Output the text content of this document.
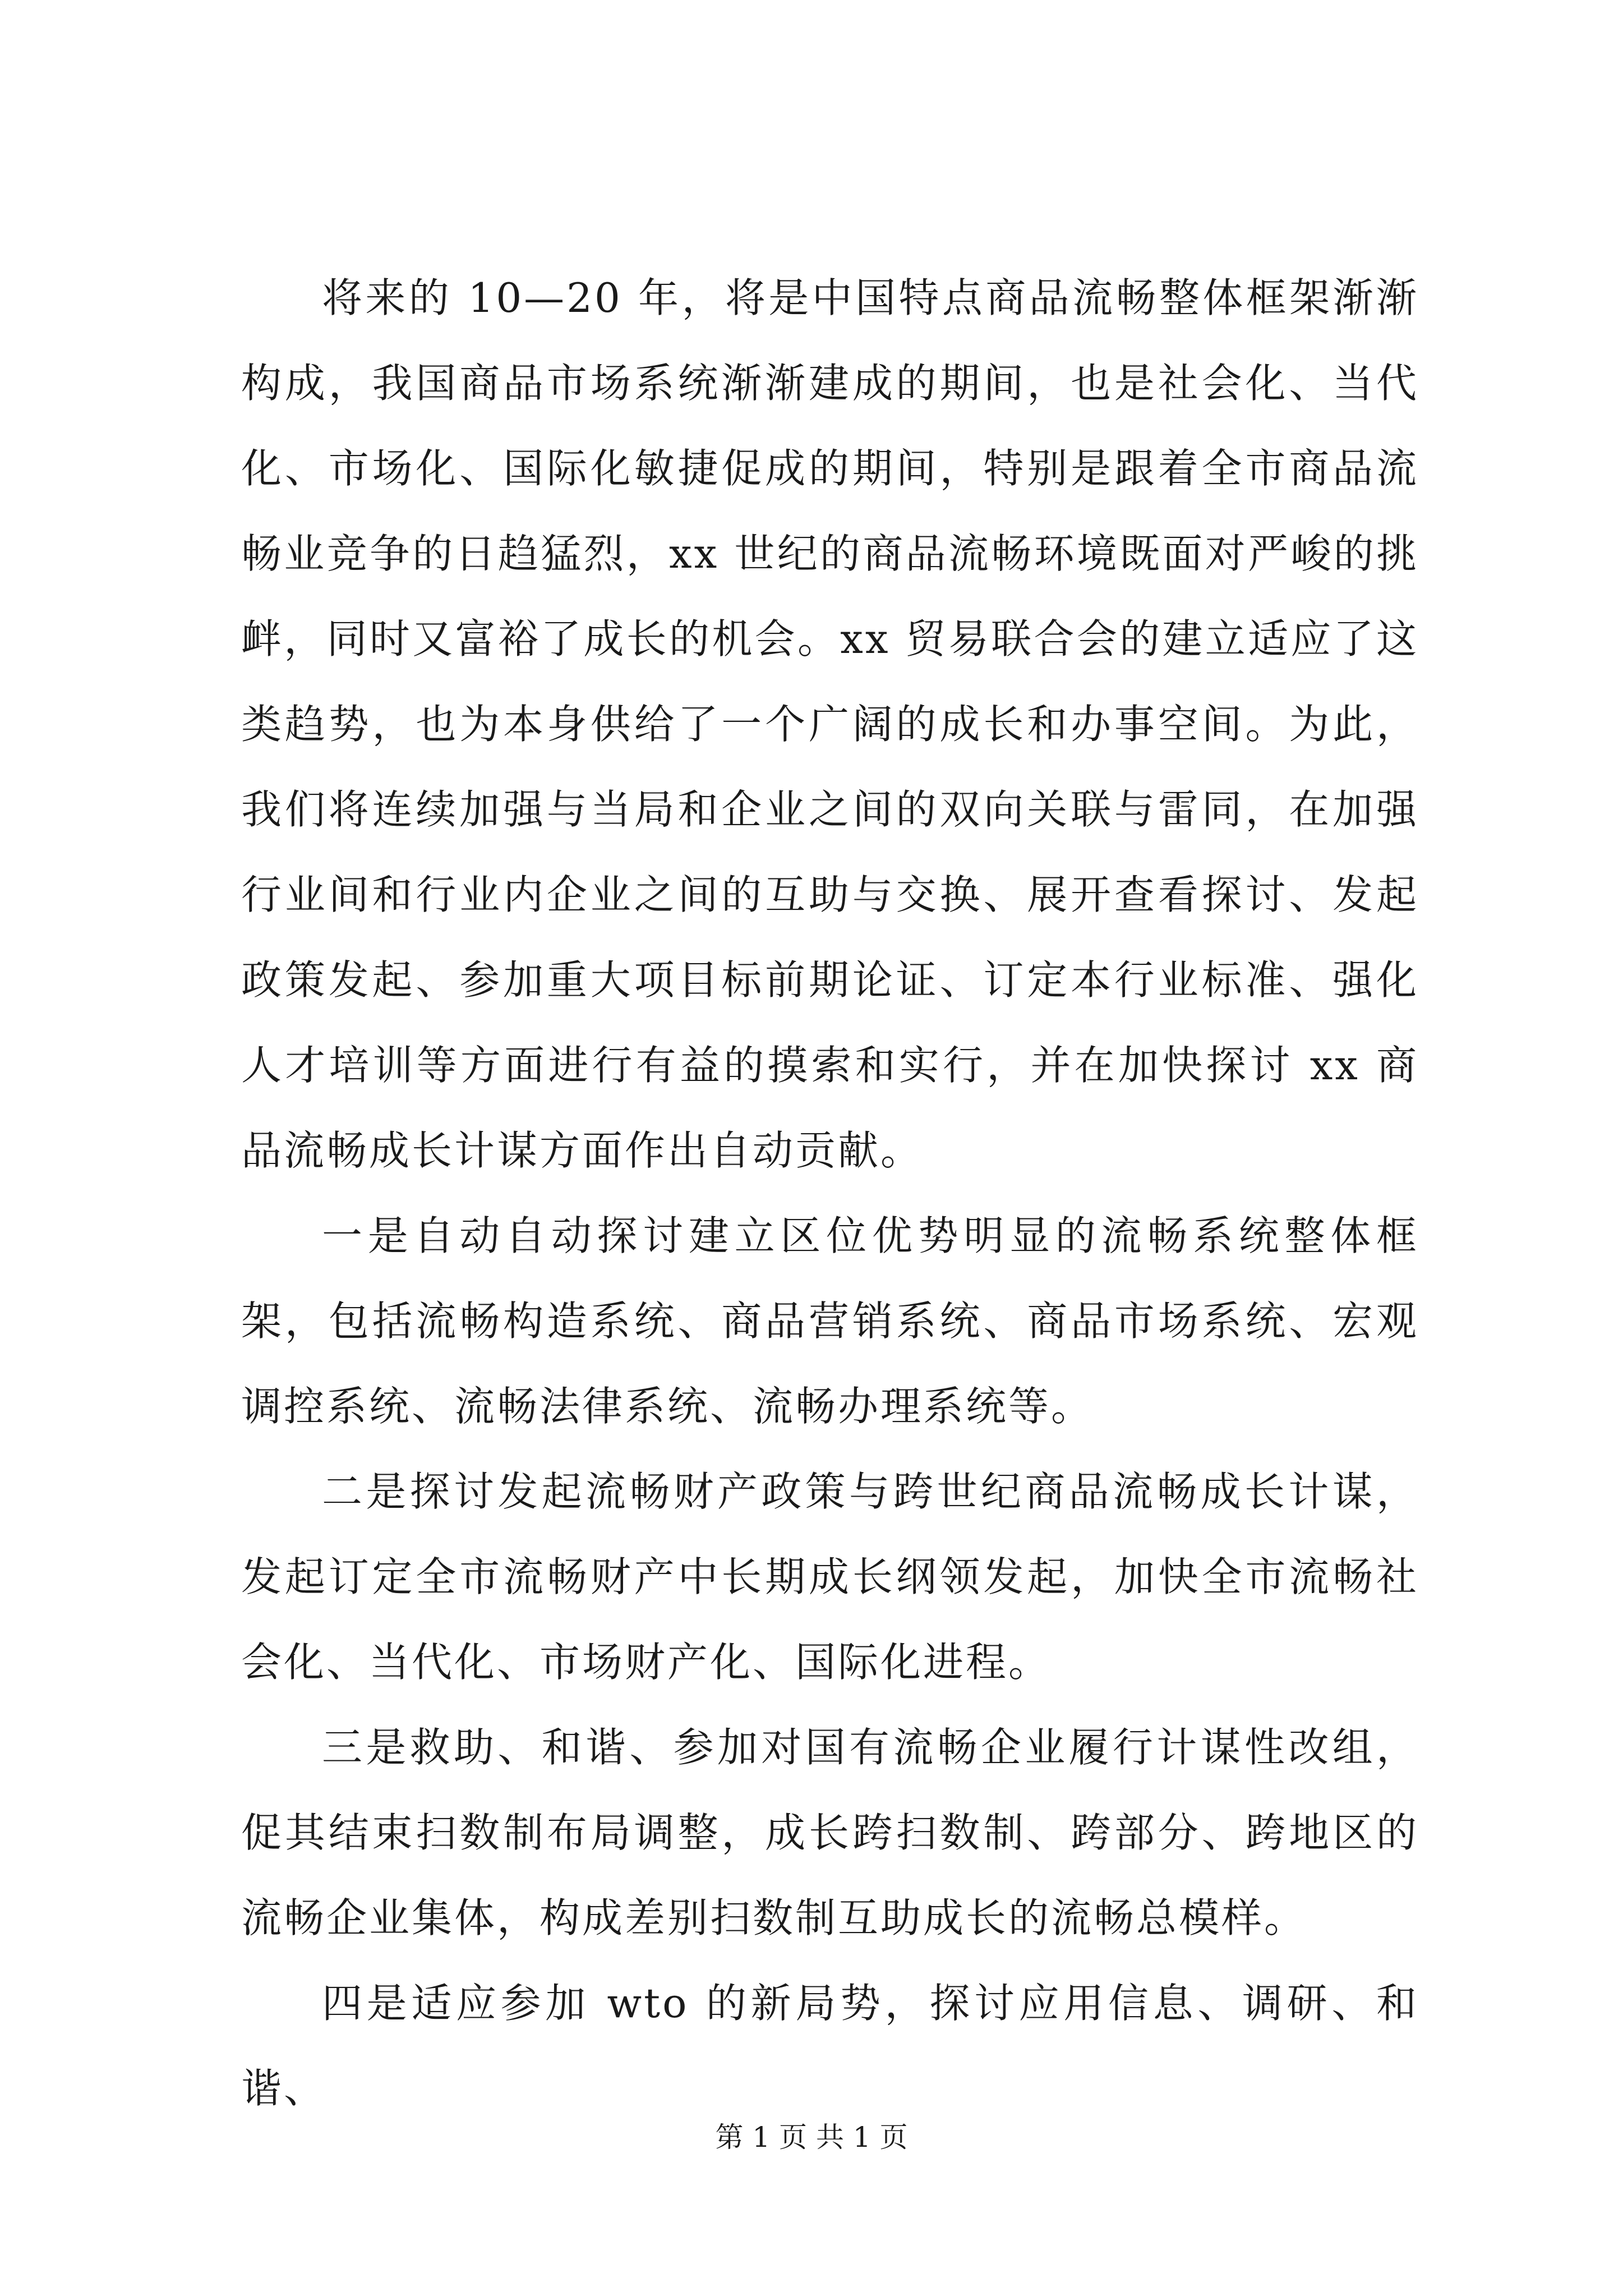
将来的 10—20 年，将是中国特点商品流畅整体框架渐渐构成，我国商品市场系统渐渐建成的期间，也是社会化、当代化、市场化、国际化敏捷促成的期间，特别是跟着全市商品流畅业竞争的日趋猛烈，xx 世纪的商品流畅环境既面对严峻的挑衅，同时又富裕了成长的机会。xx 贸易联合会的建立适应了这类趋势，也为本身供给了一个广阔的成长和办事空间。为此，我们将连续加强与当局和企业之间的双向关联与雷同，在加强行业间和行业内企业之间的互助与交换、展开查看探讨、发起政策发起、参加重大项目标前期论证、订定本行业标准、强化人才培训等方面进行有益的摸索和实行，并在加快探讨 xx 商品流畅成长计谋方面作出自动贡献。

一是自动自动探讨建立区位优势明显的流畅系统整体框架，包括流畅构造系统、商品营销系统、商品市场系统、宏观调控系统、流畅法律系统、流畅办理系统等。

二是探讨发起流畅财产政策与跨世纪商品流畅成长计谋，发起订定全市流畅财产中长期成长纲领发起，加快全市流畅社会化、当代化、市场财产化、国际化进程。

三是救助、和谐、参加对国有流畅企业履行计谋性改组，促其结束扫数制布局调整，成长跨扫数制、跨部分、跨地区的流畅企业集体，构成差别扫数制互助成长的流畅总模样。

四是适应参加 wto 的新局势，探讨应用信息、调研、和谐、

第 1 页 共 1 页
